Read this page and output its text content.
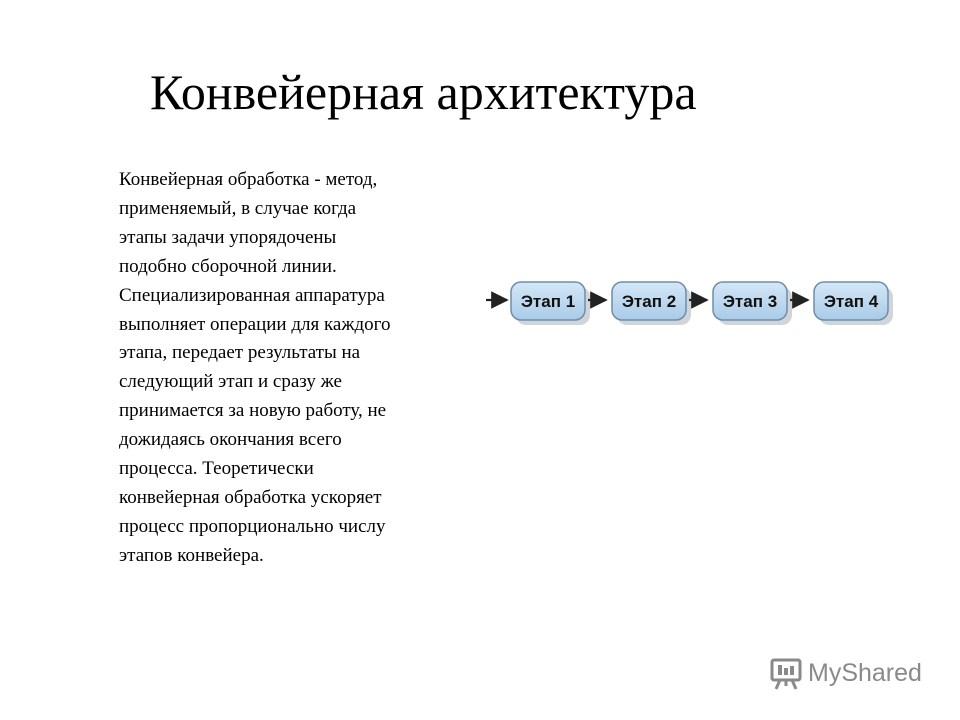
Конвейерная архитектура

Конвейерная обработка - метод,
применяемый, в случае когда
этапы задачи упорядочены
подобно сборочной линии.
Специализированная аппаратура
выполняет операции для каждого
этапа, передает результаты на
следующий этап и сразу же
принимается за новую работу, не
дожидаясь окончания всего
процесса. Теоретически
конвейерная обработка ускоряет
процесс пропорционально числу
этапов конвейера.

Этап 1	Этап 2	Этап 3	Этап 4
MyShared
